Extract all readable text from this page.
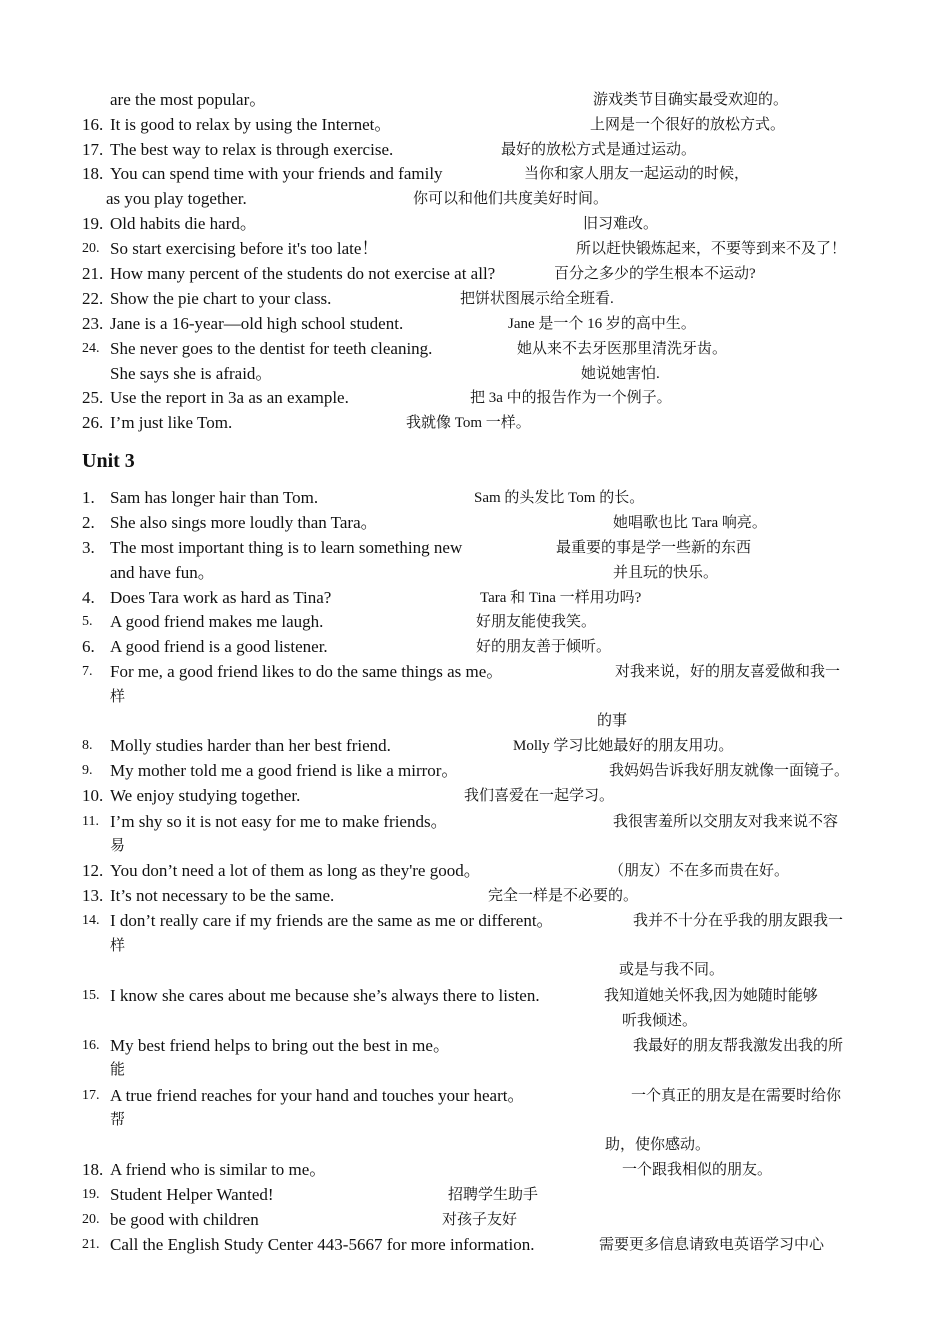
are the most popular。	游戏类节目确实最受欢迎的。
16. It is good to relax by using the Internet。	上网是一个很好的放松方式。
17. The best way to relax is through exercise.	最好的放松方式是通过运动。
18. You can spend time with your friends and family	当你和家人朋友一起运动的时候，
as you play together.	你可以和他们共度美好时间。
19. Old habits die hard。	旧习难改。
20. So start exercising before it's too late！	所以赶快锻炼起来，不要等到来不及了！
21. How many percent of the students do not exercise at all?	百分之多少的学生根本不运动?
22. Show the pie chart to your class.	把饼状图展示给全班看.
23. Jane is a 16-year—old high school student.	Jane 是一个 16 岁的高中生。
24. She never goes to the dentist for teeth cleaning.	她从来不去牙医那里清洗牙齿。
She says she is afraid。	她说她害怕.
25. Use the report in 3a as an example.	把 3a 中的报告作为一个例子。
26. I’m just like Tom.	我就像 Tom 一样。
Unit 3
1. Sam has longer hair than Tom.	Sam 的头发比 Tom 的长。
2. She also sings more loudly than Tara。	她唱歌也比 Tara 响亮。
3. The most important thing is to learn something new	最重要的事是学一些新的东西
and have fun。	并且玩的快乐。
4. Does Tara work as hard as Tina?	Tara 和 Tina 一样用功吗?
5. A good friend makes me laugh.	好朋友能使我笑。
6. A good friend is a good listener.	好的朋友善于倾听。
7. For me, a good friend likes to do the same things as me。	对我来说，好的朋友喜爱做和我一
样
的事
8. Molly studies harder than her best friend.	Molly 学习比她最好的朋友用功。
9. My mother told me a good friend is like a mirror。	我妈妈告诉我好朋友就像一面镜子。
10. We enjoy studying together.	我们喜爱在一起学习。
11. I’m shy so it is not easy for me to make friends。	我很害羞所以交朋友对我来说不容
易
12. You don’t need a lot of them as long as they're good。	（朋友）不在多而贵在好。
13. It’s not necessary to be the same.	完全一样是不必要的。
14. I don’t really care if my friends are the same as me or different。	我并不十分在乎我的朋友跟我一
样
或是与我不同。
15. I know she cares about me because she’s always there to listen.	我知道她关怀我,因为她随时能够
听我倾述。
16. My best friend helps to bring out the best in me。	我最好的朋友帮我激发出我的所
能
17. A true friend reaches for your hand and touches your heart。	一个真正的朋友是在需要时给你
帮
助，使你感动。
18. A friend who is similar to me。	一个跟我相似的朋友。
19. Student Helper Wanted!	招聘学生助手
20. be good with children	对孩子友好
21. Call the English Study Center 443-5667 for more information.	需要更多信息请致电英语学习中心
